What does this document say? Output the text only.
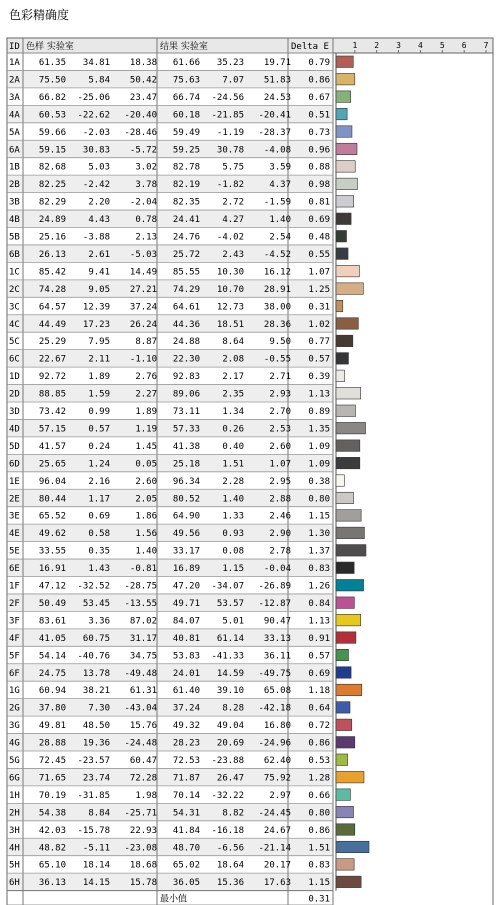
色彩精确度
ID 色样 实验室	结果 实验室	Delta E	1 2 3 4 5 6 7
1A 61.35 34.81 18.38 61.66 35.23 19.71 0.79
2A 75.50 5.84 50.42 75.63 7.07 51.83 0.86
3A 66.82 -25.06 23.47 66.74 -24.56 24.53 0.67
4A 60.53 -22.62 -20.40 60.18 -21.85 -20.41 0.51
5A 59.66 -2.03 -28.46 59.49 -1.19 -28.37 0.73
6A 59.15 30.83 -5.72 59.25 30.78 -4.08 0.96
1B 82.68 5.03	3.02 82.78 5.75	3.59 0.88
2B 82.25 -2.42	3.78 82.19 -1.82	4.37 0.98
3B 82.29 2.20 -2.04 82.35 2.72 -1.59 0.81
4B 24.89 4.43	0.78 24.41 4.27	1.40 0.69
5B 25.16 -3.88	2.13 24.76 -4.02	2.54 0.48
6B 26.13 2.61 -5.03 25.72 2.43 -4.52 0.55
1C 85.42 9.41 14.49 85.55 10.30 16.12 1.07
2C 74.28 9.05 27.21 74.29 10.70 28.91 1.25
3C 64.57 12.39 37.24 64.61 12.73 38.00 0.31
4C 44.49 17.23 26.24 44.36 18.51 28.36 1.02
5C 25.29 7.95	8.87 24.88 8.64	9.50 0.77
6C 22.67 2.11 -1.10 22.30 2.08 -0.55 0.57
1D 92.72 1.89	2.76 92.83 2.17	2.71 0.39
2D 88.85 1.59	2.27 89.06 2.35	2.93 1.13
3D 73.42 0.99	1.89 73.11 1.34	2.70 0.89
4D 57.15 0.57	1.19 57.33 0.26	2.53 1.35
5D 41.57 0.24	1.45 41.38 0.40	2.60 1.09
6D 25.65 1.24	0.05 25.18 1.51	1.07 1.09
1E 96.04 2.16	2.60 96.34 2.28	2.95 0.38
2E 80.44 1.17	2.05 80.52 1.40	2.88 0.80
3E 65.52 0.69	1.86 64.90 1.33	2.46 1.15
4E 49.62 0.58	1.56 49.56 0.93	2.90 1.30
5E 33.55 0.35	1.40 33.17 0.08	2.78 1.37
6E 16.91 1.43 -0.81 16.89 1.15 -0.04 0.83
1F 47.12 -32.52 -28.75 47.20 -34.07 -26.89 1.26
2F 50.49 53.45 -13.55 49.71 53.57 -12.87 0.84
3F 83.61 3.36 87.02 84.07 5.01 90.47 1.13
4F 41.05 60.75 31.17 40.81 61.14 33.13 0.91
5F 54.14 -40.76 34.75 53.83 -41.33 36.11 0.57
6F 24.75 13.78 -49.48 24.01 14.59 -49.75 0.69
1G 60.94 38.21 61.31 61.40 39.10 65.08 1.18
2G 37.80 7.30 -43.04 37.24 8.28 -42.18 0.64
3G 49.81 48.50 15.76 49.32 49.04 16.80 0.72
4G 28.88 19.36 -24.48 28.23 20.69 -24.96 0.86
5G 72.45 -23.57 60.47 72.53 -23.88 62.40 0.53
6G 71.65 23.74 72.28 71.87 26.47 75.92 1.28
1H 70.19 -31.85	1.98 70.14 -32.22	2.97 0.66
2H 54.38 8.84 -25.71 54.31 8.82 -24.45 0.80
3H 42.03 -15.78 22.93 41.84 -16.18 24.67 0.86
4H 48.82 -5.11 -23.08 48.70 -6.56 -21.14 1.51
5H 65.10 18.14 18.68 65.02 18.64 20.17 0.83
6H 36.13 14.15 15.78 36.05 15.36 17.63 1.15
最小值	0.31
